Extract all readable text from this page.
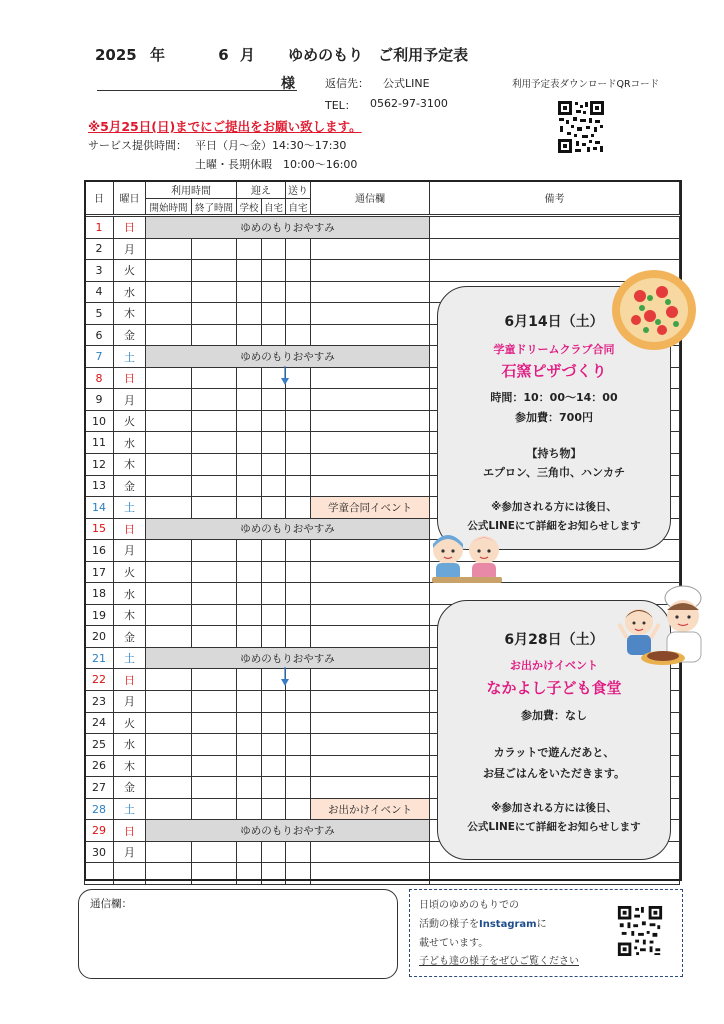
2025 年	6 月 ゆめのもり　ご利用予定表
様	返信先： 公式LINE
TEL： 0562-97-3100
利用予定表ダウンロードQRコード
※5月25日(日)までにご提出をお願い致します。
サービス提供時間： 平日（月～金）14:30～17:30
土曜・長期休暇　10:00～16:00
日	曜日	利用時間		迎え		送り	通信欄	備考
		開始時間	終了時間	学校	自宅	自宅		
1	日	ゆめのもりおやすみ						
2	月							
3	火							
4	水							
5	木							
6	金							
7	土	ゆめのもりおやすみ						
8	日							
9	月							
10	火							
11	水							
12	木							
13	金							
14	土						学童合同イベント	
15	日	ゆめのもりおやすみ						
16	月							
17	火							
18	水							
19	木							
20	金							
21	土	ゆめのもりおやすみ						
22	日							
23	月							
24	火							
25	水							
26	木							
27	金							
28	土						お出かけイベント	
29	日	ゆめのもりおやすみ						
30	月							

6月14日（土）
学童ドリームクラブ合同
石窯ピザづくり
時間：10：00～14：00
参加費：700円
【持ち物】
エプロン、三角巾、ハンカチ
※参加される方には後日、
公式LINEにて詳細をお知らせします
6月28日（土）
お出かけイベント
なかよし子ども食堂
参加費：なし
カラットで遊んだあと、
お昼ごはんをいただきます。
※参加される方には後日、
公式LINEにて詳細をお知らせします
通信欄：	日頃のゆめのもりでの
活動の様子をInstagramに
載せています。
子ども達の様子をぜひご覧ください
